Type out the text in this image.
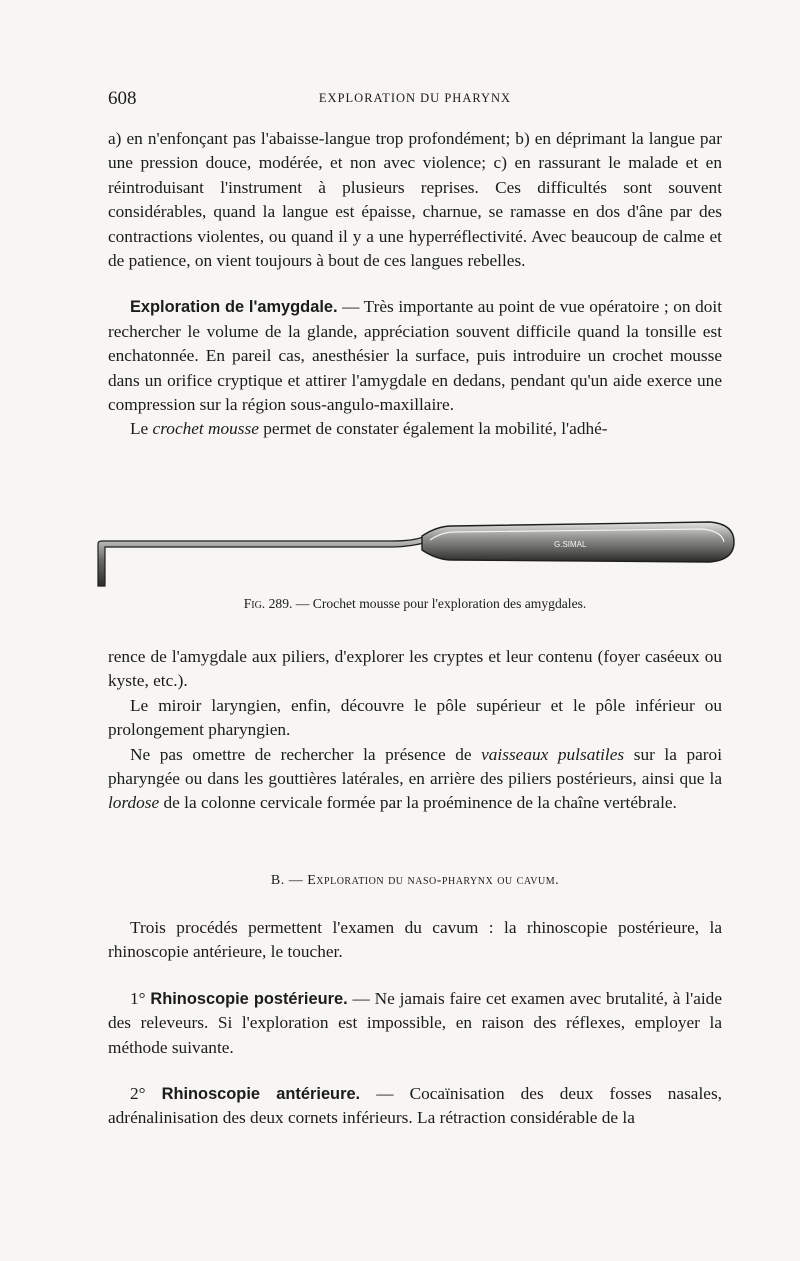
608	EXPLORATION DU PHARYNX

a) en n'enfonçant pas l'abaisse-langue trop profondément; b) en déprimant la langue par une pression douce, modérée, et non avec violence; c) en rassurant le malade et en réintroduisant l'instrument à plusieurs reprises. Ces difficultés sont souvent considérables, quand la langue est épaisse, charnue, se ramasse en dos d'âne par des contractions violentes, ou quand il y a une hyperréflectivité. Avec beaucoup de calme et de patience, on vient toujours à bout de ces langues rebelles.

Exploration de l'amygdale. — Très importante au point de vue opératoire ; on doit rechercher le volume de la glande, appréciation souvent difficile quand la tonsille est enchatonnée. En pareil cas, anesthésier la surface, puis introduire un crochet mousse dans un orifice cryptique et attirer l'amygdale en dedans, pendant qu'un aide exerce une compression sur la région sous-angulo-maxillaire.

Le crochet mousse permet de constater également la mobilité, l'adhé-

G.SIMAL
Fig. 289. — Crochet mousse pour l'exploration des amygdales.

rence de l'amygdale aux piliers, d'explorer les cryptes et leur contenu (foyer caséeux ou kyste, etc.).

Le miroir laryngien, enfin, découvre le pôle supérieur et le pôle inférieur ou prolongement pharyngien.

Ne pas omettre de rechercher la présence de vaisseaux pulsatiles sur la paroi pharyngée ou dans les gouttières latérales, en arrière des piliers postérieurs, ainsi que la lordose de la colonne cervicale formée par la proéminence de la chaîne vertébrale.

B. — Exploration du naso-pharynx ou cavum.

Trois procédés permettent l'examen du cavum : la rhinoscopie postérieure, la rhinoscopie antérieure, le toucher.

1° Rhinoscopie postérieure. — Ne jamais faire cet examen avec brutalité, à l'aide des releveurs. Si l'exploration est impossible, en raison des réflexes, employer la méthode suivante.

2° Rhinoscopie antérieure. — Cocaïnisation des deux fosses nasales, adrénalinisation des deux cornets inférieurs. La rétraction considérable de la
